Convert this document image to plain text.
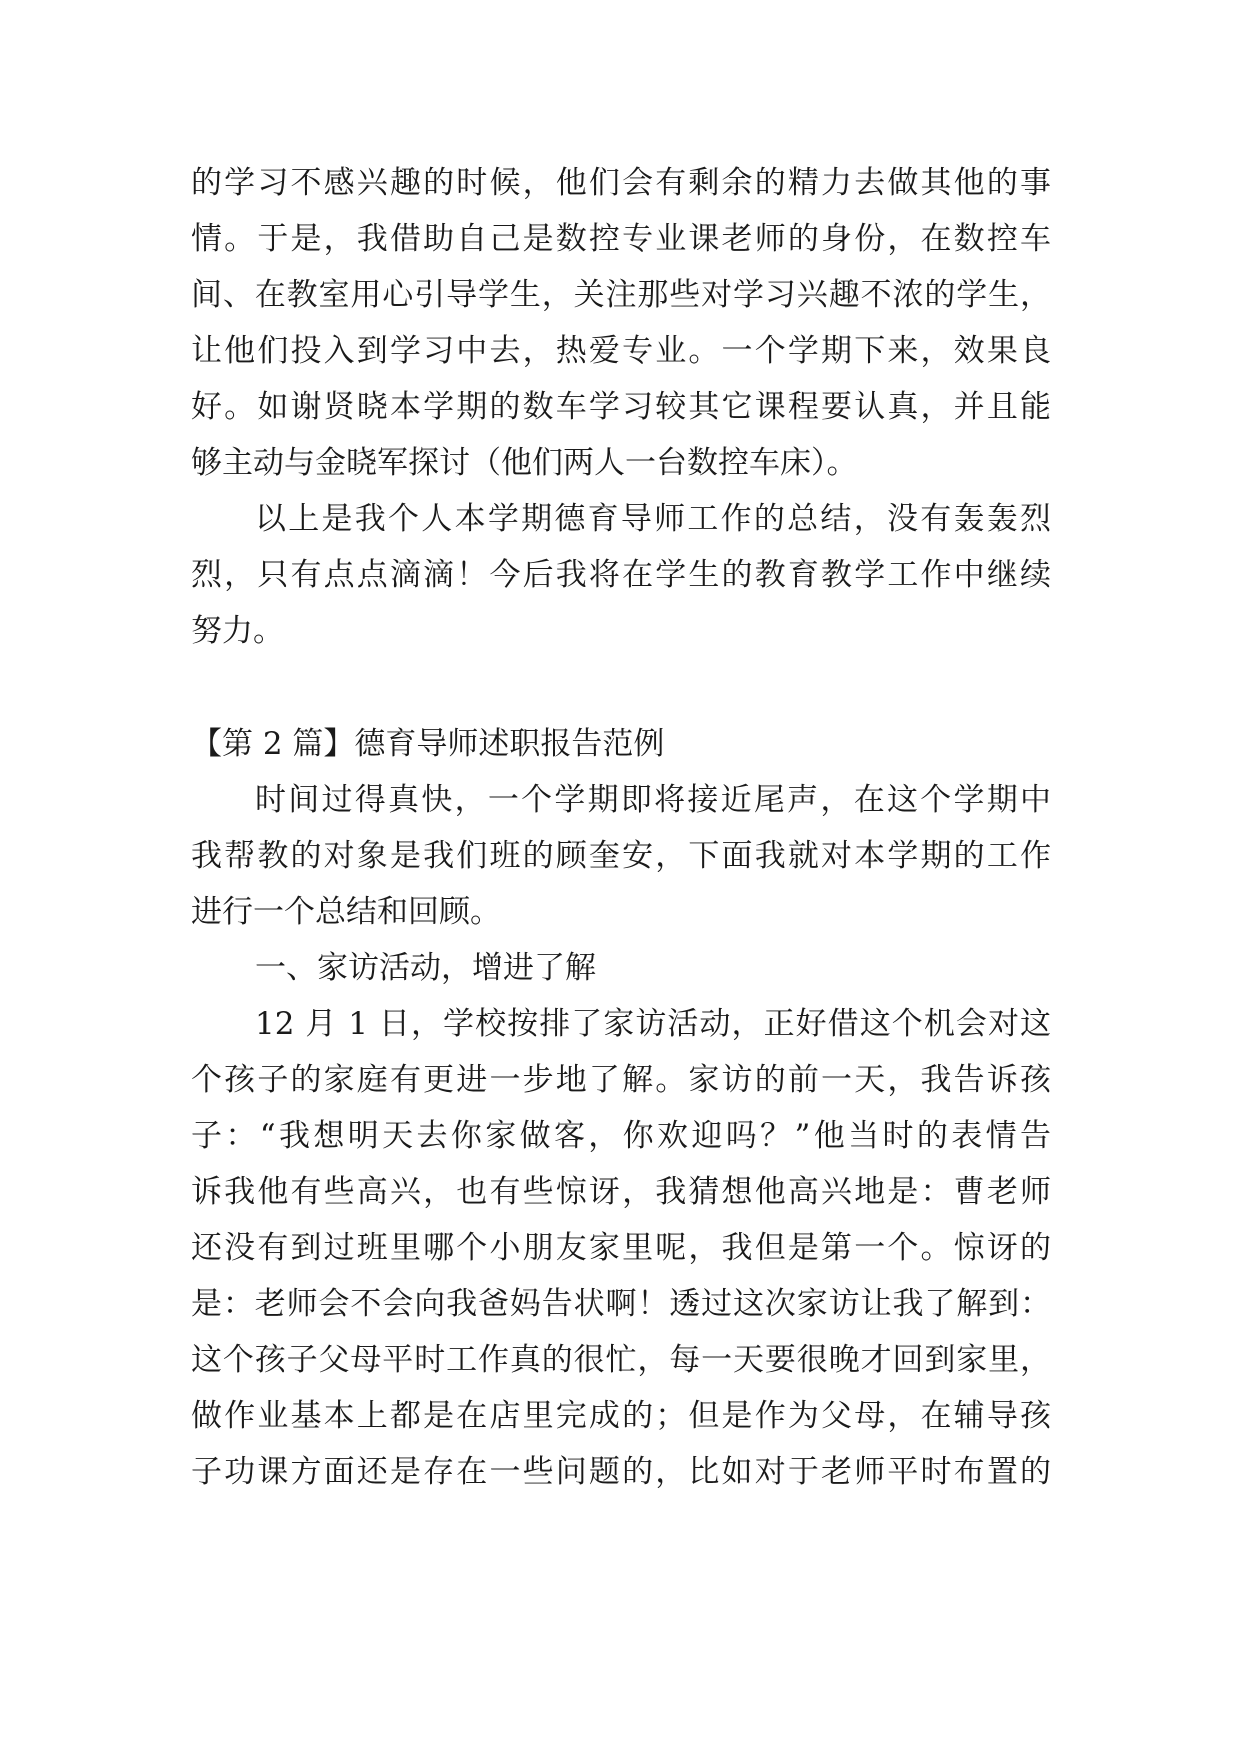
的学习不感兴趣的时候，他们会有剩余的精力去做其他的事
情。于是，我借助自己是数控专业课老师的身份，在数控车
间、在教室用心引导学生，关注那些对学习兴趣不浓的学生，
让他们投入到学习中去，热爱专业。一个学期下来，效果良
好。如谢贤晓本学期的数车学习较其它课程要认真，并且能
够主动与金晓军探讨（他们两人一台数控车床）。
以上是我个人本学期德育导师工作的总结，没有轰轰烈
烈，只有点点滴滴！今后我将在学生的教育教学工作中继续
努力。
【第 2 篇】德育导师述职报告范例
时间过得真快，一个学期即将接近尾声，在这个学期中
我帮教的对象是我们班的顾奎安，下面我就对本学期的工作
进行一个总结和回顾。
一、家访活动，增进了解
12 月 1 日，学校按排了家访活动，正好借这个机会对这
个孩子的家庭有更进一步地了解。家访的前一天，我告诉孩
子：“我想明天去你家做客，你欢迎吗？”他当时的表情告
诉我他有些高兴，也有些惊讶，我猜想他高兴地是：曹老师
还没有到过班里哪个小朋友家里呢，我但是第一个。惊讶的
是：老师会不会向我爸妈告状啊！透过这次家访让我了解到：
这个孩子父母平时工作真的很忙，每一天要很晚才回到家里，
做作业基本上都是在店里完成的；但是作为父母，在辅导孩
子功课方面还是存在一些问题的，比如对于老师平时布置的
